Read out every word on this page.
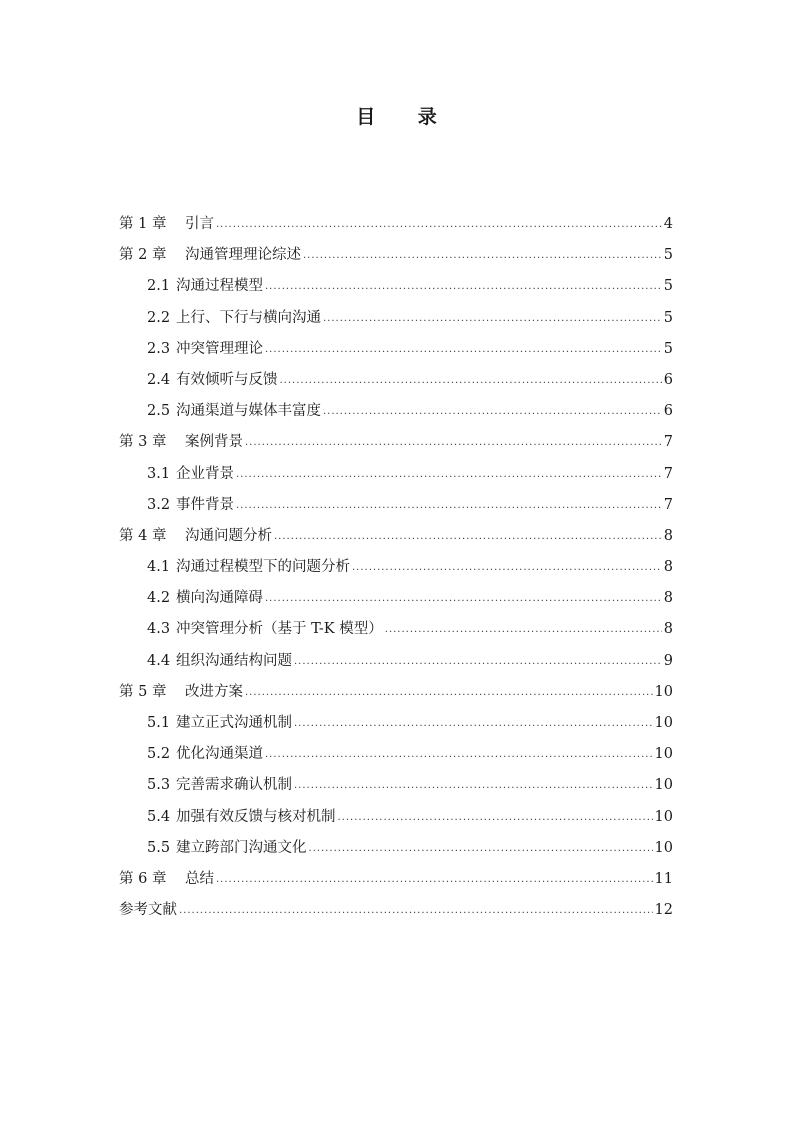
目 录
第 1 章	引言 .....	4
第 2 章	沟通管理理论综述 .....	5
2.1 沟通过程模型 .....	5
2.2 上行、下行与横向沟通 .....	5
2.3 冲突管理理论 .....	5
2.4 有效倾听与反馈 .....	6
2.5 沟通渠道与媒体丰富度 .....	6
第 3 章	案例背景 .....	7
3.1 企业背景 .....	7
3.2 事件背景 .....	7
第 4 章	沟通问题分析 .....	8
4.1 沟通过程模型下的问题分析 .....	8
4.2 横向沟通障碍 .....	8
4.3 冲突管理分析（基于 T-K 模型） .....	8
4.4 组织沟通结构问题 .....	9
第 5 章	改进方案 .....	10
5.1 建立正式沟通机制 .....	10
5.2 优化沟通渠道 .....	10
5.3 完善需求确认机制 .....	10
5.4 加强有效反馈与核对机制 .....	10
5.5 建立跨部门沟通文化 .....	10
第 6 章	总结 .....	11
参考文献 .....	12
